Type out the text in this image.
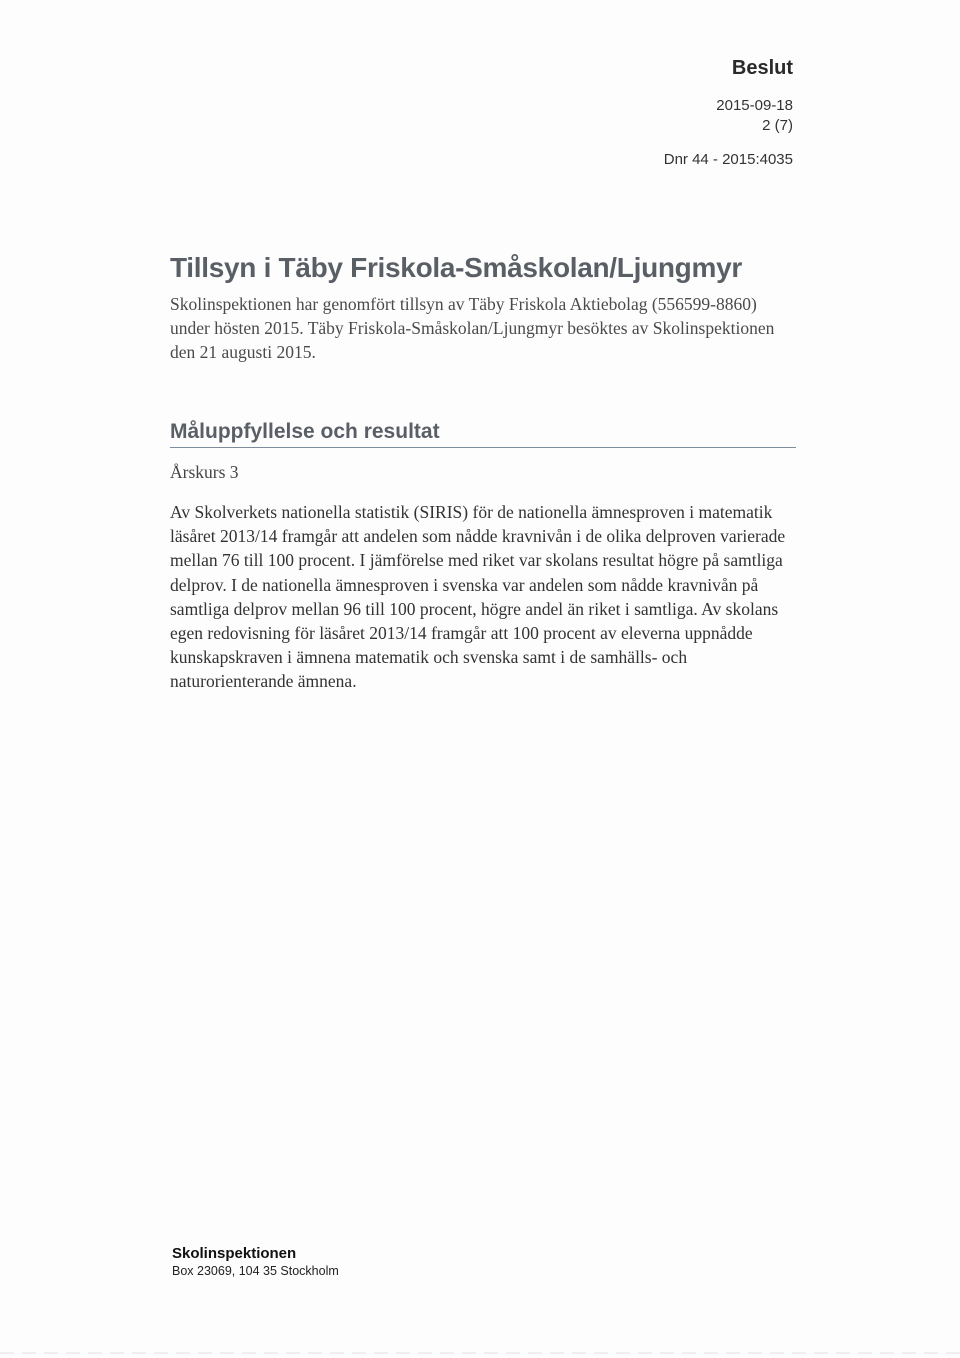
Beslut
2015-09-18
2 (7)
Dnr 44 - 2015:4035
Tillsyn i Täby Friskola-Småskolan/Ljungmyr
Skolinspektionen har genomfört tillsyn av Täby Friskola Aktiebolag (556599-8860) under hösten 2015. Täby Friskola-Småskolan/Ljungmyr besöktes av Skolinspektionen den 21 augusti 2015.
Måluppfyllelse och resultat
Årskurs 3
Av Skolverkets nationella statistik (SIRIS) för de nationella ämnesproven i matematik läsåret 2013/14 framgår att andelen som nådde kravnivån i de olika delproven varierade mellan 76 till 100 procent. I jämförelse med riket var skolans resultat högre på samtliga delprov. I de nationella ämnesproven i svenska var andelen som nådde kravnivån på samtliga delprov mellan 96 till 100 procent, högre andel än riket i samtliga. Av skolans egen redovisning för läsåret 2013/14 framgår att 100 procent av eleverna uppnådde kunskapskraven i ämnena matematik och svenska samt i de samhälls- och naturorienterande ämnena.
Skolinspektionen
Box 23069, 104 35 Stockholm
